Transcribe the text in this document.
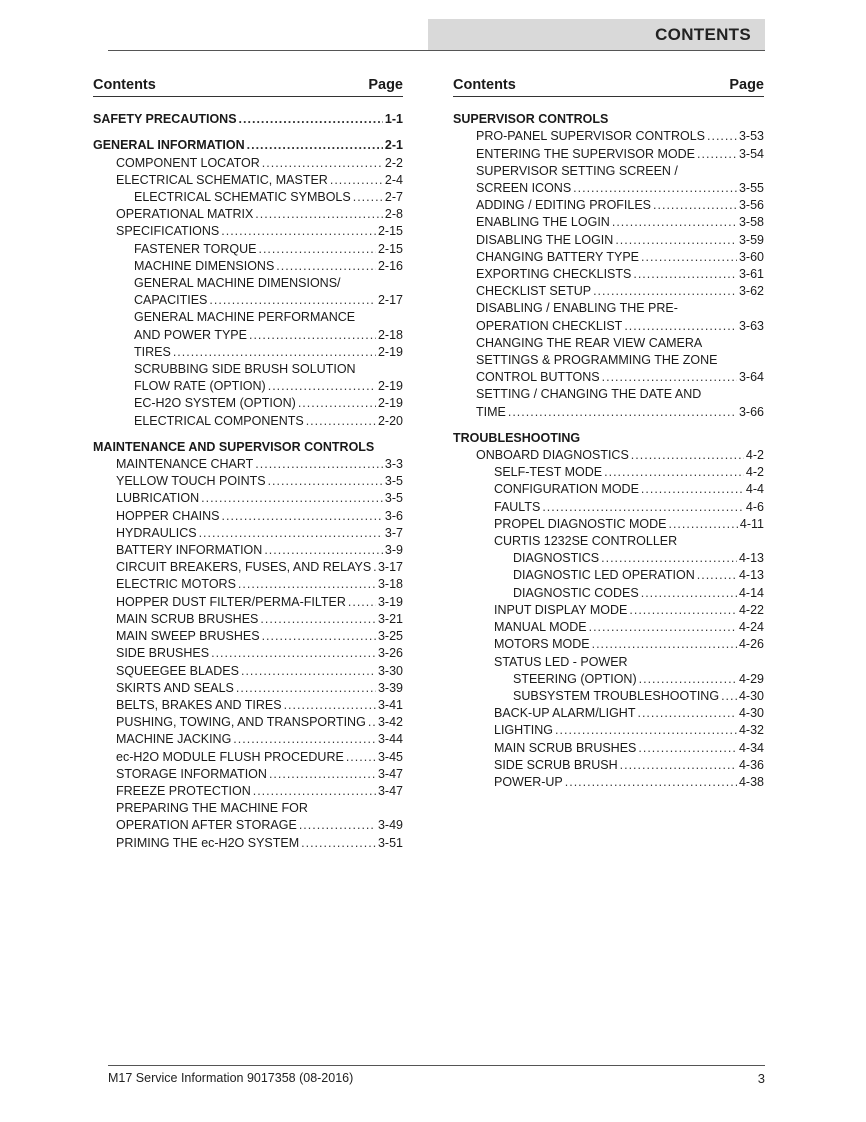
CONTENTS
Contents	Page
SAFETY PRECAUTIONS .....	1-1
GENERAL INFORMATION .....	2-1
COMPONENT LOCATOR .....	2-2
ELECTRICAL SCHEMATIC, MASTER .....	2-4
ELECTRICAL SCHEMATIC SYMBOLS .....	2-7
OPERATIONAL MATRIX .....	2-8
SPECIFICATIONS .....	2-15
FASTENER TORQUE .....	2-15
MACHINE DIMENSIONS .....	2-16
GENERAL MACHINE DIMENSIONS/
CAPACITIES .....	2-17
GENERAL MACHINE PERFORMANCE
AND POWER TYPE .....	2-18
TIRES .....	2-19
SCRUBBING SIDE BRUSH SOLUTION
FLOW RATE (OPTION) .....	2-19
EC-H2O SYSTEM (OPTION) .....	2-19
ELECTRICAL COMPONENTS .....	2-20
MAINTENANCE AND SUPERVISOR CONTROLS
MAINTENANCE CHART .....	3-3
YELLOW TOUCH POINTS .....	3-5
LUBRICATION .....	3-5
HOPPER CHAINS .....	3-6
HYDRAULICS .....	3-7
BATTERY INFORMATION .....	3-9
CIRCUIT BREAKERS, FUSES, AND RELAYS ..... 3-17
ELECTRIC MOTORS .....	3-18
HOPPER DUST FILTER/PERMA-FILTER .....	3-19
MAIN SCRUB BRUSHES .....	3-21
MAIN SWEEP BRUSHES .....	3-25
SIDE BRUSHES .....	3-26
SQUEEGEE BLADES .....	3-30
SKIRTS AND SEALS .....	3-39
BELTS, BRAKES AND TIRES .....	3-41
PUSHING, TOWING, AND TRANSPORTING ..... 3-42
MACHINE JACKING .....	3-44
ec-H2O MODULE FLUSH PROCEDURE .....	3-45
STORAGE INFORMATION .....	3-47
FREEZE PROTECTION .....	3-47
PREPARING THE MACHINE FOR
OPERATION AFTER STORAGE .....	3-49
PRIMING THE ec-H2O SYSTEM .....	3-51
Contents	Page
SUPERVISOR CONTROLS
PRO-PANEL SUPERVISOR CONTROLS .....	3-53
ENTERING THE SUPERVISOR MODE .....	3-54
SUPERVISOR SETTING SCREEN /
SCREEN ICONS .....	3-55
ADDING / EDITING PROFILES .....	3-56
ENABLING THE LOGIN .....	3-58
DISABLING THE LOGIN .....	3-59
CHANGING BATTERY TYPE .....	3-60
EXPORTING CHECKLISTS .....	3-61
CHECKLIST SETUP .....	3-62
DISABLING / ENABLING THE PRE-
OPERATION CHECKLIST .....	3-63
CHANGING THE REAR VIEW CAMERA
SETTINGS & PROGRAMMING THE ZONE
CONTROL BUTTONS .....	3-64
SETTING / CHANGING THE DATE AND
TIME .....	3-66
TROUBLESHOOTING
ONBOARD DIAGNOSTICS .....	4-2
SELF-TEST MODE .....	4-2
CONFIGURATION MODE .....	4-4
FAULTS .....	4-6
PROPEL DIAGNOSTIC MODE .....	4-11
CURTIS 1232SE CONTROLLER
DIAGNOSTICS .....	4-13
DIAGNOSTIC LED OPERATION .....	4-13
DIAGNOSTIC CODES .....	4-14
INPUT DISPLAY MODE .....	4-22
MANUAL MODE .....	4-24
MOTORS MODE .....	4-26
STATUS LED - POWER
STEERING (OPTION) .....	4-29
SUBSYSTEM TROUBLESHOOTING ..... 4-30
BACK-UP ALARM/LIGHT .....	4-30
LIGHTING .....	4-32
MAIN SCRUB BRUSHES .....	4-34
SIDE SCRUB BRUSH .....	4-36
POWER-UP .....	4-38
M17 Service Information 9017358 (08-2016)	3
